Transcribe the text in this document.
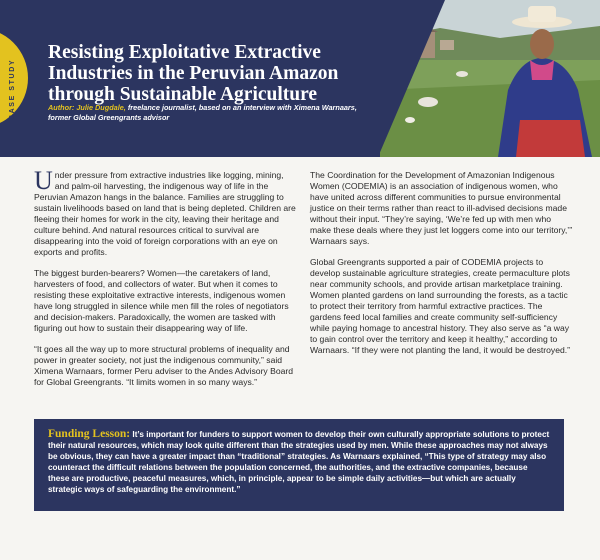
CASE STUDY
Resisting Exploitative Extractive Industries in the Peruvian Amazon through Sustainable Agriculture

Author: Julie Dugdale, freelance journalist, based on an interview with Ximena Warnaars, former Global Greengrants advisor

Under pressure from extractive industries like logging, mining, and palm-oil harvesting, the indigenous way of life in the Peruvian Amazon hangs in the balance. Families are struggling to sustain livelihoods based on land that is being depleted. Children are fleeing their homes for work in the city, leaving their heritage and culture behind. And natural resources critical to survival are disappearing into the void of foreign corporations with an eye on exports and profits.

The biggest burden-bearers? Women—the caretakers of land, harvesters of food, and collectors of water. But when it comes to resisting these exploitative extractive interests, indigenous women have long struggled in silence while men fill the roles of negotiators and decision-makers. Paradoxically, the women are tasked with figuring out how to sustain their disappearing way of life.

“It goes all the way up to more structural problems of inequality and power in greater society, not just the indigenous community,” said Ximena Warnaars, former Peru adviser to the Andes Advisory Board for Global Greengrants. “It limits women in so many ways.”

The Coordination for the Development of Amazonian Indigenous Women (CODEMIA) is an association of indigenous women, who have united across different communities to pursue environmental justice on their terms rather than react to ill-advised decisions made without their input. “They’re saying, ‘We’re fed up with men who make these deals where they just let loggers come into our territory,’” Warnaars says.

Global Greengrants supported a pair of CODEMIA projects to develop sustainable agriculture strategies, create permaculture plots near community schools, and provide artisan marketplace training. Women planted gardens on land surrounding the forests, as a tactic to protect their territory from harmful extractive practices. The gardens feed local families and create community self-sufficiency while paying homage to ancestral history. They also serve as “a way to gain control over the territory and keep it healthy,” according to Warnaars. “If they were not planting the land, it would be destroyed.”

Funding Lesson: It’s important for funders to support women to develop their own culturally appropriate solutions to protect their natural resources, which may look quite different than the strategies used by men. While these approaches may not always be obvious, they can have a greater impact than “traditional” strategies. As Warnaars explained, “This type of strategy may also counteract the difficult relations between the population concerned, the authorities, and the extractive companies, because these are productive, peaceful measures, which, in principle, appear to be simple daily activities—but which are actually strategic ways of safeguarding the environment.”
